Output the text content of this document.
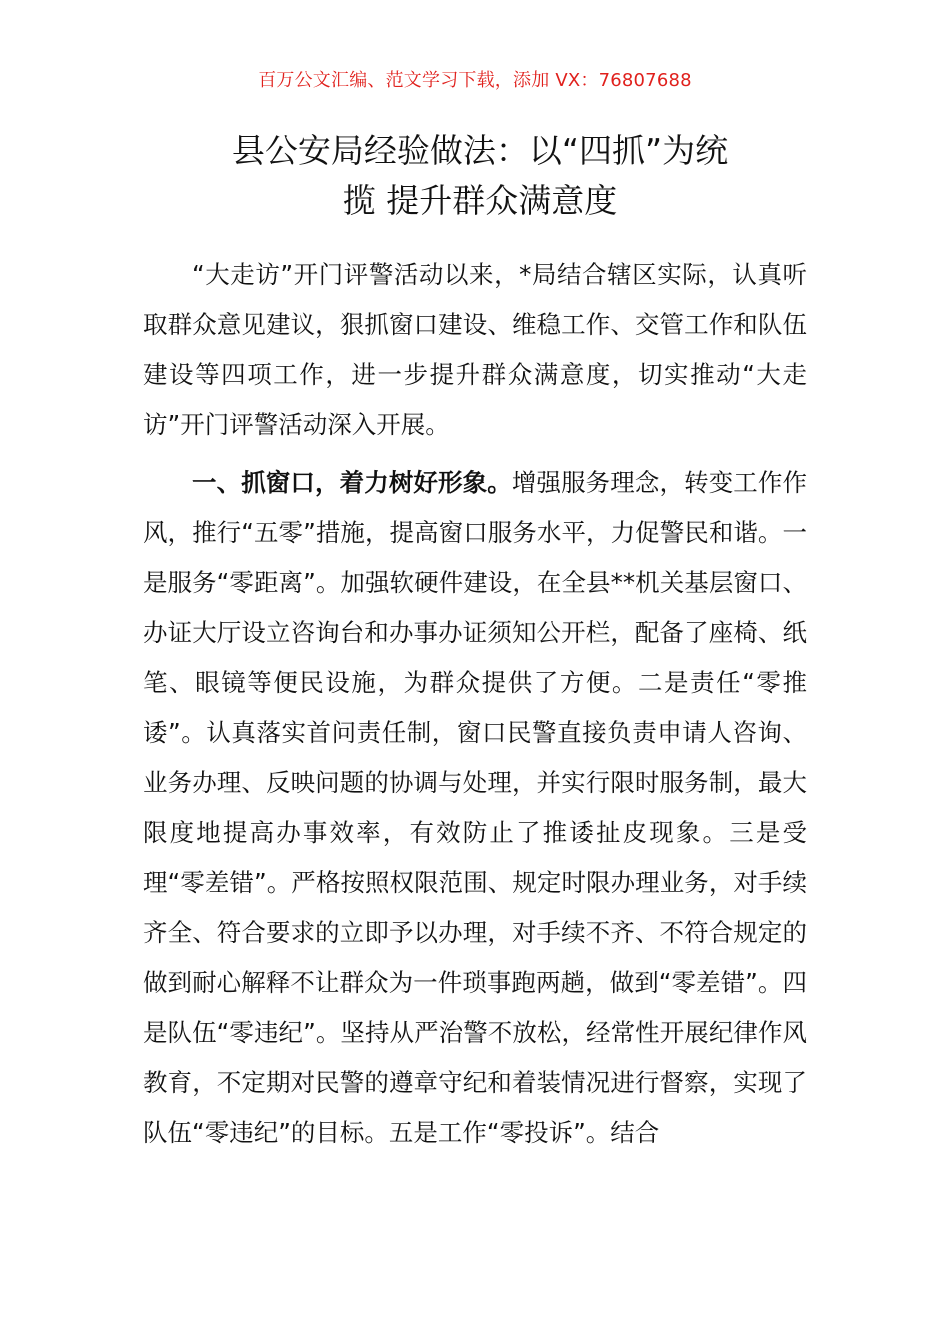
百万公文汇编、范文学习下载，添加 VX：76807688
县公安局经验做法：以“四抓”为统
揽 提升群众满意度

“大走访”开门评警活动以来，*局结合辖区实际，认真听取群众意见建议，狠抓窗口建设、维稳工作、交管工作和队伍建设等四项工作，进一步提升群众满意度，切实推动“大走访”开门评警活动深入开展。

一、抓窗口，着力树好形象。增强服务理念，转变工作作风，推行“五零”措施，提高窗口服务水平，力促警民和谐。一是服务“零距离”。加强软硬件建设，在全县**机关基层窗口、办证大厅设立咨询台和办事办证须知公开栏，配备了座椅、纸笔、眼镜等便民设施，为群众提供了方便。二是责任“零推诿”。认真落实首问责任制，窗口民警直接负责申请人咨询、业务办理、反映问题的协调与处理，并实行限时服务制，最大限度地提高办事效率，有效防止了推诿扯皮现象。三是受理“零差错”。严格按照权限范围、规定时限办理业务，对手续齐全、符合要求的立即予以办理，对手续不齐、不符合规定的做到耐心解释不让群众为一件琐事跑两趟，做到“零差错”。四是队伍“零违纪”。坚持从严治警不放松，经常性开展纪律作风教育，不定期对民警的遵章守纪和着装情况进行督察，实现了队伍“零违纪”的目标。五是工作“零投诉”。结合
